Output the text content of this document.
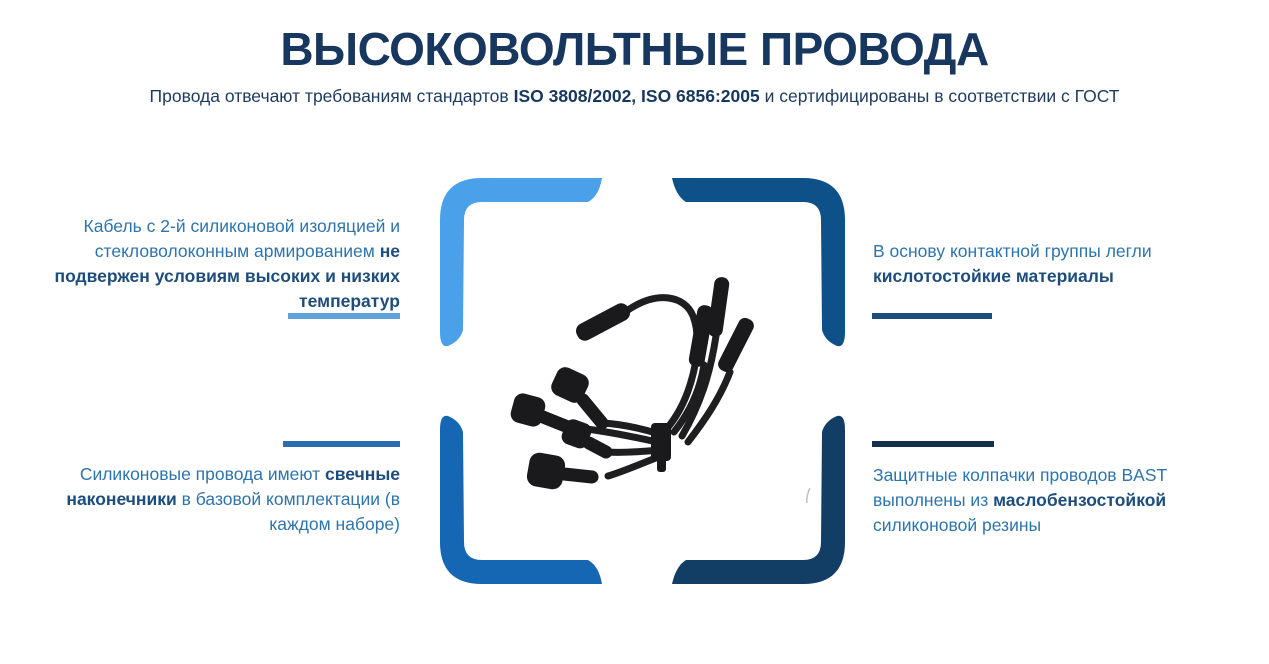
ВЫСОКОВОЛЬТНЫЕ ПРОВОДА

Провода отвечают требованиям стандартов ISO 3808/2002, ISO 6856:2005 и сертифицированы в соответствии с ГОСТ

Кабель с 2-й силиконовой изоляцией и стекловолоконным армированием не подвержен условиям высоких и низких температур

В основу контактной группы легли кислотостойкие материалы

Силиконовые провода имеют свечные наконечники в базовой комплектации (в каждом наборе)

Защитные колпачки проводов BAST выполнены из маслобензостойкой силиконовой резины
